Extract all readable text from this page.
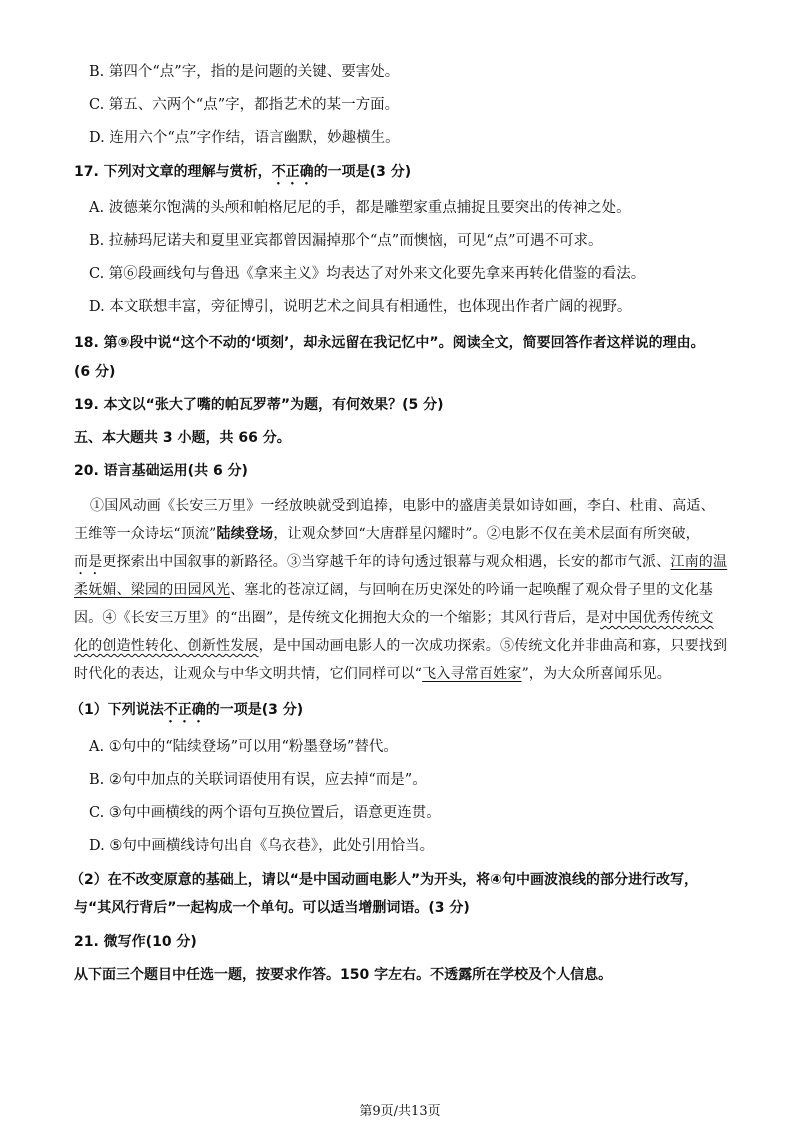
B. 第四个“点”字，指的是问题的关键、要害处。
C. 第五、六两个“点”字，都指艺术的某一方面。
D. 连用六个“点”字作结，语言幽默，妙趣横生。
17. 下列对文章的理解与赏析，不正确的一项是(3 分)
A. 波德莱尔饱满的头颅和帕格尼尼的手，都是雕塑家重点捕捉且要突出的传神之处。
B. 拉赫玛尼诺夫和夏里亚宾都曾因漏掉那个“点”而懊恼，可见“点”可遇不可求。
C. 第⑥段画线句与鲁迅《拿来主义》均表达了对外来文化要先拿来再转化借鉴的看法。
D. 本文联想丰富，旁征博引，说明艺术之间具有相通性，也体现出作者广阔的视野。
18. 第⑨段中说“这个不动的‘顷刻’，却永远留在我记忆中”。阅读全文，简要回答作者这样说的理由。
(6 分)
19. 本文以“张大了嘴的帕瓦罗蒂”为题，有何效果？(5 分)
五、本大题共 3 小题，共 66 分。
20. 语言基础运用(共 6 分)
①国风动画《长安三万里》一经放映就受到追捧，电影中的盛唐美景如诗如画，李白、杜甫、高适、
王维等一众诗坛“顶流”陆续登场，让观众梦回“大唐群星闪耀时”。②电影不仅在美术层面有所突破，
而是更探索出中国叙事的新路径。③当穿越千年的诗句透过银幕与观众相遇，长安的都市气派、江南的温
柔妩媚、梁园的田园风光、塞北的苍凉辽阔，与回响在历史深处的吟诵一起唤醒了观众骨子里的文化基
因。④《长安三万里》的“出圈”，是传统文化拥抱大众的一个缩影；其风行背后，是对中国优秀传统文
化的创造性转化、创新性发展，是中国动画电影人的一次成功探索。⑤传统文化并非曲高和寡，只要找到
时代化的表达，让观众与中华文明共情，它们同样可以“飞入寻常百姓家”，为大众所喜闻乐见。
（1）下列说法不正确的一项是(3 分)
A. ①句中的“陆续登场”可以用“粉墨登场”替代。
B. ②句中加点的关联词语使用有误，应去掉“而是”。
C. ③句中画横线的两个语句互换位置后，语意更连贯。
D. ⑤句中画横线诗句出自《乌衣巷》，此处引用恰当。
（2）在不改变原意的基础上，请以“是中国动画电影人”为开头，将④句中画波浪线的部分进行改写，
与“其风行背后”一起构成一个单句。可以适当增删词语。(3 分)
21. 微写作(10 分)
从下面三个题目中任选一题，按要求作答。150 字左右。不透露所在学校及个人信息。
第9页/共13页
